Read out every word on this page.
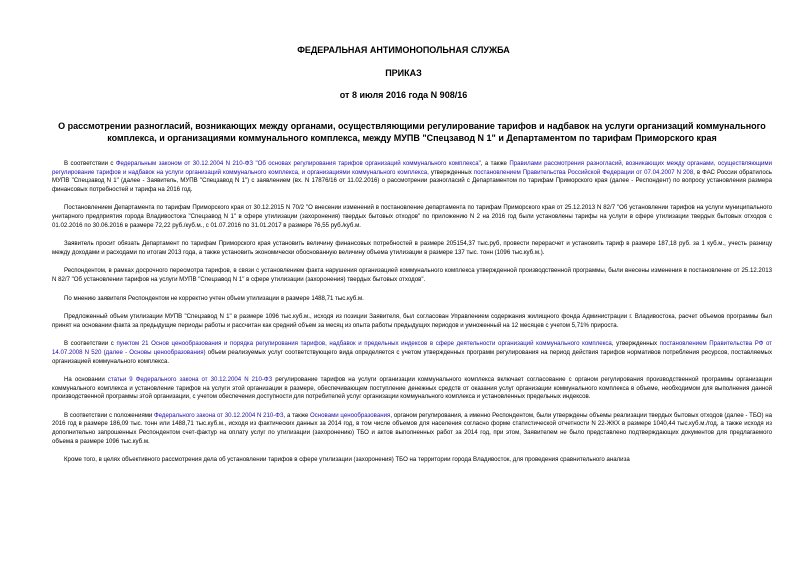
ФЕДЕРАЛЬНАЯ АНТИМОНОПОЛЬНАЯ СЛУЖБА

ПРИКАЗ

от 8 июля 2016 года N 908/16

О рассмотрении разногласий, возникающих между органами, осуществляющими регулирование тарифов и надбавок на услуги организаций коммунального комплекса, и организациями коммунального комплекса, между МУПВ "Спецзавод N 1" и Департаментом по тарифам Приморского края

В соответствии с Федеральным законом от 30.12.2004 N 210-ФЗ "Об основах регулирования тарифов организаций коммунального комплекса", а также Правилами рассмотрения разногласий, возникающих между органами, осуществляющими регулирование тарифов и надбавок на услуги организаций коммунального комплекса, и организациями коммунального комплекса, утвержденных постановлением Правительства Российской Федерации от 07.04.2007 N 208, в ФАС России обратилось МУПВ "Спецзавод N 1" (далее - Заявитель, МУПВ "Спецзавод N 1") с заявлением (вх. N 17876/16 от 11.02.2016) о рассмотрении разногласий с Департаментом по тарифам Приморского края (далее - Респондент) по вопросу установления размера финансовых потребностей и тарифа на 2016 год.

Постановлением Департамента по тарифам Приморского края от 30.12.2015 N 70/2 "О внесении изменений в постановление департамента по тарифам Приморского края от 25.12.2013 N 82/7 "Об установлении тарифов на услуги муниципального унитарного предприятия города Владивостока "Спецзавод N 1" в сфере утилизации (захоронения) твердых бытовых отходов" по приложению N 2 на 2016 год были установлены тарифы на услуги в сфере утилизации твердых бытовых отходов с 01.02.2016 по 30.06.2016 в размере 72,22 руб./куб.м., с 01.07.2016 по 31.01.2017 в размере 76,55 руб./куб.м.

Заявитель просит обязать Департамент по тарифам Приморского края установить величину финансовых потребностей в размере 205154,37 тыс.руб, провести перерасчет и установить тариф в размере 187,18 руб. за 1 куб.м., учесть разницу между доходами и расходами по итогам 2013 года, а также установить экономически обоснованную величину объема утилизации в размере 137 тыс. тонн (1096 тыс.куб.м.).

Респондентом, в рамках досрочного пересмотра тарифов, в связи с установлением факта нарушения организацией коммунального комплекса утвержденной производственной программы, были внесены изменения в постановление от 25.12.2013 N 82/7 "Об установлении тарифов на услуги МУПВ "Спецзавод N 1" в сфере утилизации (захоронения) твердых бытовых отходов".

По мнению заявителя Респондентом не корректно учтен объем утилизации в размере 1488,71 тыс.куб.м.

Предложенный объем утилизации МУПВ "Спецзавод N 1" в размере 1096 тыс.куб.м., исходя из позиции Заявителя, был согласован Управлением содержания жилищного фонда Администрации г. Владивостока, расчет объемов программы был принят на основании факта за предыдущие периоды работы и рассчитан как средний объем за месяц из опыта работы предыдущих периодов и умноженный на 12 месяцев с учетом 5,71% прироста.

В соответствии с пунктом 21 Основ ценообразования и порядка регулирования тарифов, надбавок и предельных индексов в сфере деятельности организаций коммунального комплекса, утвержденных постановлением Правительства РФ от 14.07.2008 N 520 (далее - Основы ценообразования) объем реализуемых услуг соответствующего вида определяется с учетом утвержденных программ регулирования на период действия тарифов нормативов потребления ресурсов, поставляемых организацией коммунального комплекса.

На основании статьи 9 Федерального закона от 30.12.2004 N 210-ФЗ регулирование тарифов на услуги организации коммунального комплекса включает согласование с органом регулирования производственной программы организации коммунального комплекса и установление тарифов на услуги этой организации в размере, обеспечивающем поступление денежных средств от оказания услуг организации коммунального комплекса в объеме, необходимом для выполнения данной производственной программы этой организации, с учетом обеспечения доступности для потребителей услуг организации коммунального комплекса и установленных предельных индексов.

В соответствии с положениями Федерального закона от 30.12.2004 N 210-ФЗ, а также Основами ценообразования, органом регулирования, а именно Респондентом, были утверждены объемы реализации твердых бытовых отходов (далее - ТБО) на 2016 год в размере 186,09 тыс. тонн или 1488,71 тыс.куб.м., исходя из фактических данных за 2014 год, в том числе объемов для населения согласно форме статистической отчетности N 22-ЖКХ в размере 1040,44 тыс.куб.м./год, а также исходя из дополнительно запрошенных Респондентом счет-фактур на оплату услуг по утилизации (захоронению) ТБО и актов выполненных работ за 2014 год, при этом, Заявителем не было представлено подтверждающих документов для предлагаемого объема в размере 1096 тыс.куб.м.

Кроме того, в целях объективного рассмотрения дела об установлении тарифов в сфере утилизации (захоронения) ТБО на территории города Владивосток, для проведения сравнительного анализа
